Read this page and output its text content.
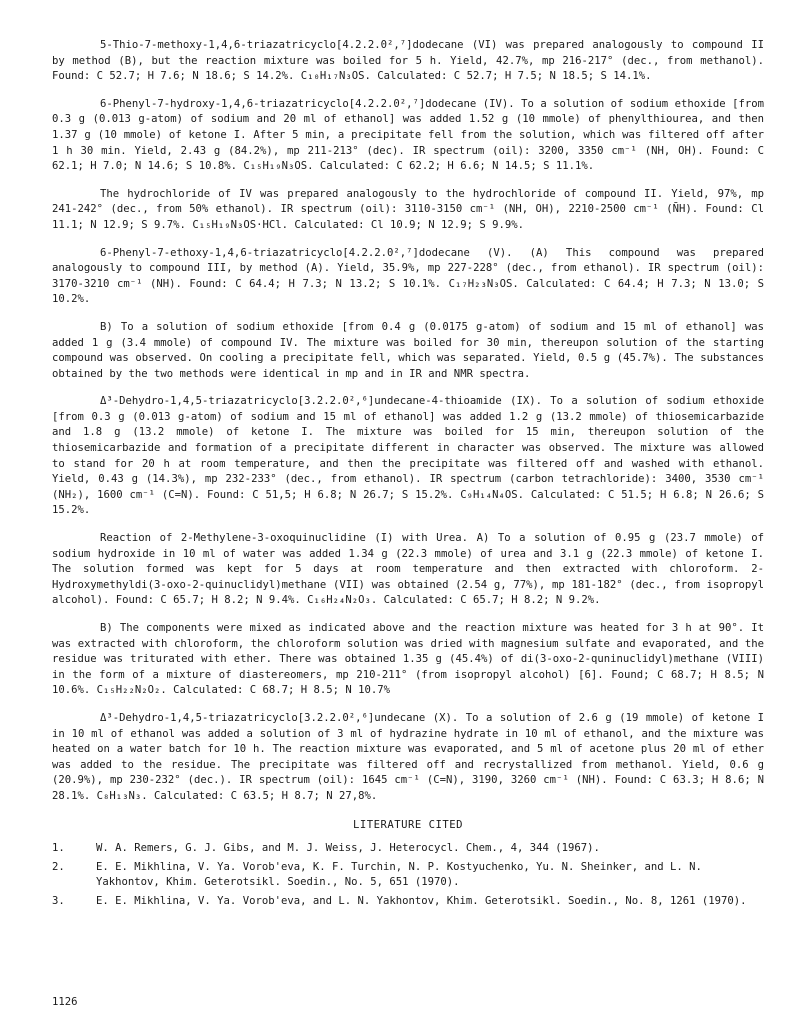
5-Thio-7-methoxy-1,4,6-triazatricyclo[4.2.2.0²,⁷]dodecane (VI) was prepared analogously to compound II by method (B), but the reaction mixture was boiled for 5 h. Yield, 42.7%, mp 216-217° (dec., from methanol). Found: C 52.7; H 7.6; N 18.6; S 14.2%. C₁₀H₁₇N₃OS. Calculated: C 52.7; H 7.5; N 18.5; S 14.1%.

6-Phenyl-7-hydroxy-1,4,6-triazatricyclo[4.2.2.0²,⁷]dodecane (IV). To a solution of sodium ethoxide [from 0.3 g (0.013 g-atom) of sodium and 20 ml of ethanol] was added 1.52 g (10 mmole) of phenylthiourea, and then 1.37 g (10 mmole) of ketone I. After 5 min, a precipitate fell from the solution, which was filtered off after 1 h 30 min. Yield, 2.43 g (84.2%), mp 211-213° (dec). IR spectrum (oil): 3200, 3350 cm⁻¹ (NH, OH). Found: C 62.1; H 7.0; N 14.6; S 10.8%. C₁₅H₁₉N₃OS. Calculated: C 62.2; H 6.6; N 14.5; S 11.1%.

The hydrochloride of IV was prepared analogously to the hydrochloride of compound II. Yield, 97%, mp 241-242° (dec., from 50% ethanol). IR spectrum (oil): 3110-3150 cm⁻¹ (NH, OH), 2210-2500 cm⁻¹ (N̄H). Found: Cl 11.1; N 12.9; S 9.7%. C₁₅H₁₉N₃OS·HCl. Calculated: Cl 10.9; N 12.9; S 9.9%.

6-Phenyl-7-ethoxy-1,4,6-triazatricyclo[4.2.2.0²,⁷]dodecane (V). (A) This compound was prepared analogously to compound III, by method (A). Yield, 35.9%, mp 227-228° (dec., from ethanol). IR spectrum (oil): 3170-3210 cm⁻¹ (NH). Found: C 64.4; H 7.3; N 13.2; S 10.1%. C₁₇H₂₃N₃OS. Calculated: C 64.4; H 7.3; N 13.0; S 10.2%.

B) To a solution of sodium ethoxide [from 0.4 g (0.0175 g-atom) of sodium and 15 ml of ethanol] was added 1 g (3.4 mmole) of compound IV. The mixture was boiled for 30 min, thereupon solution of the starting compound was observed. On cooling a precipitate fell, which was separated. Yield, 0.5 g (45.7%). The substances obtained by the two methods were identical in mp and in IR and NMR spectra.

Δ³-Dehydro-1,4,5-triazatricyclo[3.2.2.0²,⁶]undecane-4-thioamide (IX). To a solution of sodium ethoxide [from 0.3 g (0.013 g-atom) of sodium and 15 ml of ethanol] was added 1.2 g (13.2 mmole) of thiosemicarbazide and 1.8 g (13.2 mmole) of ketone I. The mixture was boiled for 15 min, thereupon solution of the thiosemicarbazide and formation of a precipitate different in character was observed. The mixture was allowed to stand for 20 h at room temperature, and then the precipitate was filtered off and washed with ethanol. Yield, 0.43 g (14.3%), mp 232-233° (dec., from ethanol). IR spectrum (carbon tetrachloride): 3400, 3530 cm⁻¹ (NH₂), 1600 cm⁻¹ (C=N). Found: C 51,5; H 6.8; N 26.7; S 15.2%. C₉H₁₄N₄OS. Calculated: C 51.5; H 6.8; N 26.6; S 15.2%.

Reaction of 2-Methylene-3-oxoquinuclidine (I) with Urea. A) To a solution of 0.95 g (23.7 mmole) of sodium hydroxide in 10 ml of water was added 1.34 g (22.3 mmole) of urea and 3.1 g (22.3 mmole) of ketone I. The solution formed was kept for 5 days at room temperature and then extracted with chloroform. 2-Hydroxymethyldi(3-oxo-2-quinuclidyl)methane (VII) was obtained (2.54 g, 77%), mp 181-182° (dec., from isopropyl alcohol). Found: C 65.7; H 8.2; N 9.4%. C₁₆H₂₄N₂O₃. Calculated: C 65.7; H 8.2; N 9.2%.

B) The components were mixed as indicated above and the reaction mixture was heated for 3 h at 90°. It was extracted with chloroform, the chloroform solution was dried with magnesium sulfate and evaporated, and the residue was triturated with ether. There was obtained 1.35 g (45.4%) of di(3-oxo-2-quninuclidyl)methane (VIII) in the form of a mixture of diastereomers, mp 210-211° (from isopropyl alcohol) [6]. Found; C 68.7; H 8.5; N 10.6%. C₁₅H₂₂N₂O₂. Calculated: C 68.7; H 8.5; N 10.7%

Δ³-Dehydro-1,4,5-triazatricyclo[3.2.2.0²,⁶]undecane (X). To a solution of 2.6 g (19 mmole) of ketone I in 10 ml of ethanol was added a solution of 3 ml of hydrazine hydrate in 10 ml of ethanol, and the mixture was heated on a water batch for 10 h. The reaction mixture was evaporated, and 5 ml of acetone plus 20 ml of ether was added to the residue. The precipitate was filtered off and recrystallized from methanol. Yield, 0.6 g (20.9%), mp 230-232° (dec.). IR spectrum (oil): 1645 cm⁻¹ (C=N), 3190, 3260 cm⁻¹ (NH). Found: C 63.3; H 8.6; N 28.1%. C₈H₁₃N₃. Calculated: C 63.5; H 8.7; N 27,8%.

LITERATURE CITED
1.	W. A. Remers, G. J. Gibs, and M. J. Weiss, J. Heterocycl. Chem., 4, 344 (1967).
2.	E. E. Mikhlina, V. Ya. Vorob'eva, K. F. Turchin, N. P. Kostyuchenko, Yu. N. Sheinker, and L. N. Yakhontov, Khim. Geterotsikl. Soedin., No. 5, 651 (1970).
3.	E. E. Mikhlina, V. Ya. Vorob'eva, and L. N. Yakhontov, Khim. Geterotsikl. Soedin., No. 8, 1261 (1970).
1126
